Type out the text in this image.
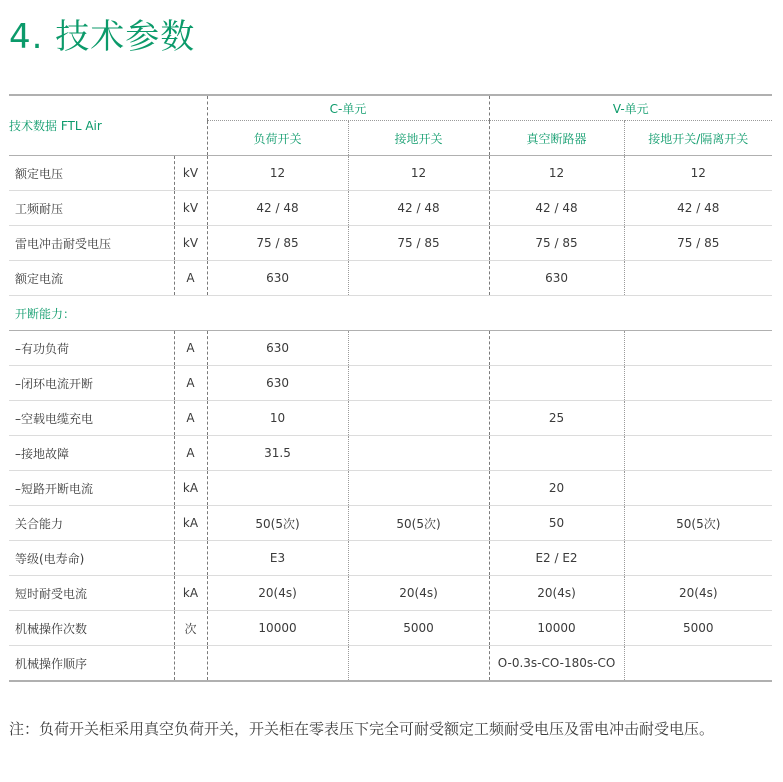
4. 技术参数
技术数据 FTL Air		C-单元		V-单元	
		负荷开关	接地开关	真空断路器	接地开关/隔离开关
额定电压	kV	12	12	12	12
工频耐压	kV	42 / 48	42 / 48	42 / 48	42 / 48
雷电冲击耐受电压	kV	75 / 85	75 / 85	75 / 85	75 / 85
额定电流	A	630		630	
开断能力：					
–有功负荷	A	630			
–闭环电流开断	A	630			
–空载电缆充电	A	10		25	
–接地故障	A	31.5			
–短路开断电流	kA			20	
关合能力	kA	50(5次)	50(5次)	50	50(5次)
等级(电寿命)		E3		E2 / E2	
短时耐受电流	kA	20(4s)	20(4s)	20(4s)	20(4s)
机械操作次数	次	10000	5000	10000	5000
机械操作顺序				O-0.3s-CO-180s-CO	
注：负荷开关柜采用真空负荷开关，开关柜在零表压下完全可耐受额定工频耐受电压及雷电冲击耐受电压。
